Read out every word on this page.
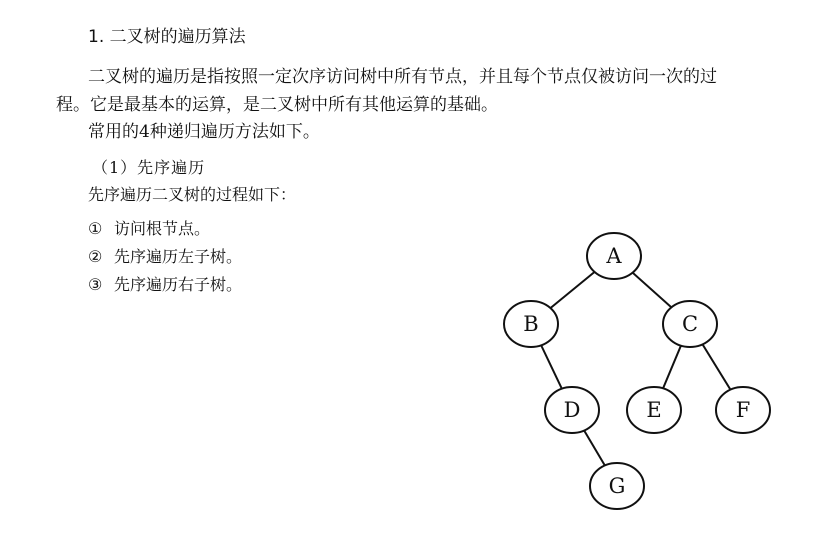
1. 二叉树的遍历算法
二叉树的遍历是指按照一定次序访问树中所有节点，并且每个节点仅被访问一次的过
程。它是最基本的运算，是二叉树中所有其他运算的基础。
常用的4种递归遍历方法如下。
（1）先序遍历
先序遍历二叉树的过程如下：
① 访问根节点。
② 先序遍历左子树。
③ 先序遍历右子树。
A
B	C
D	E	F
G
